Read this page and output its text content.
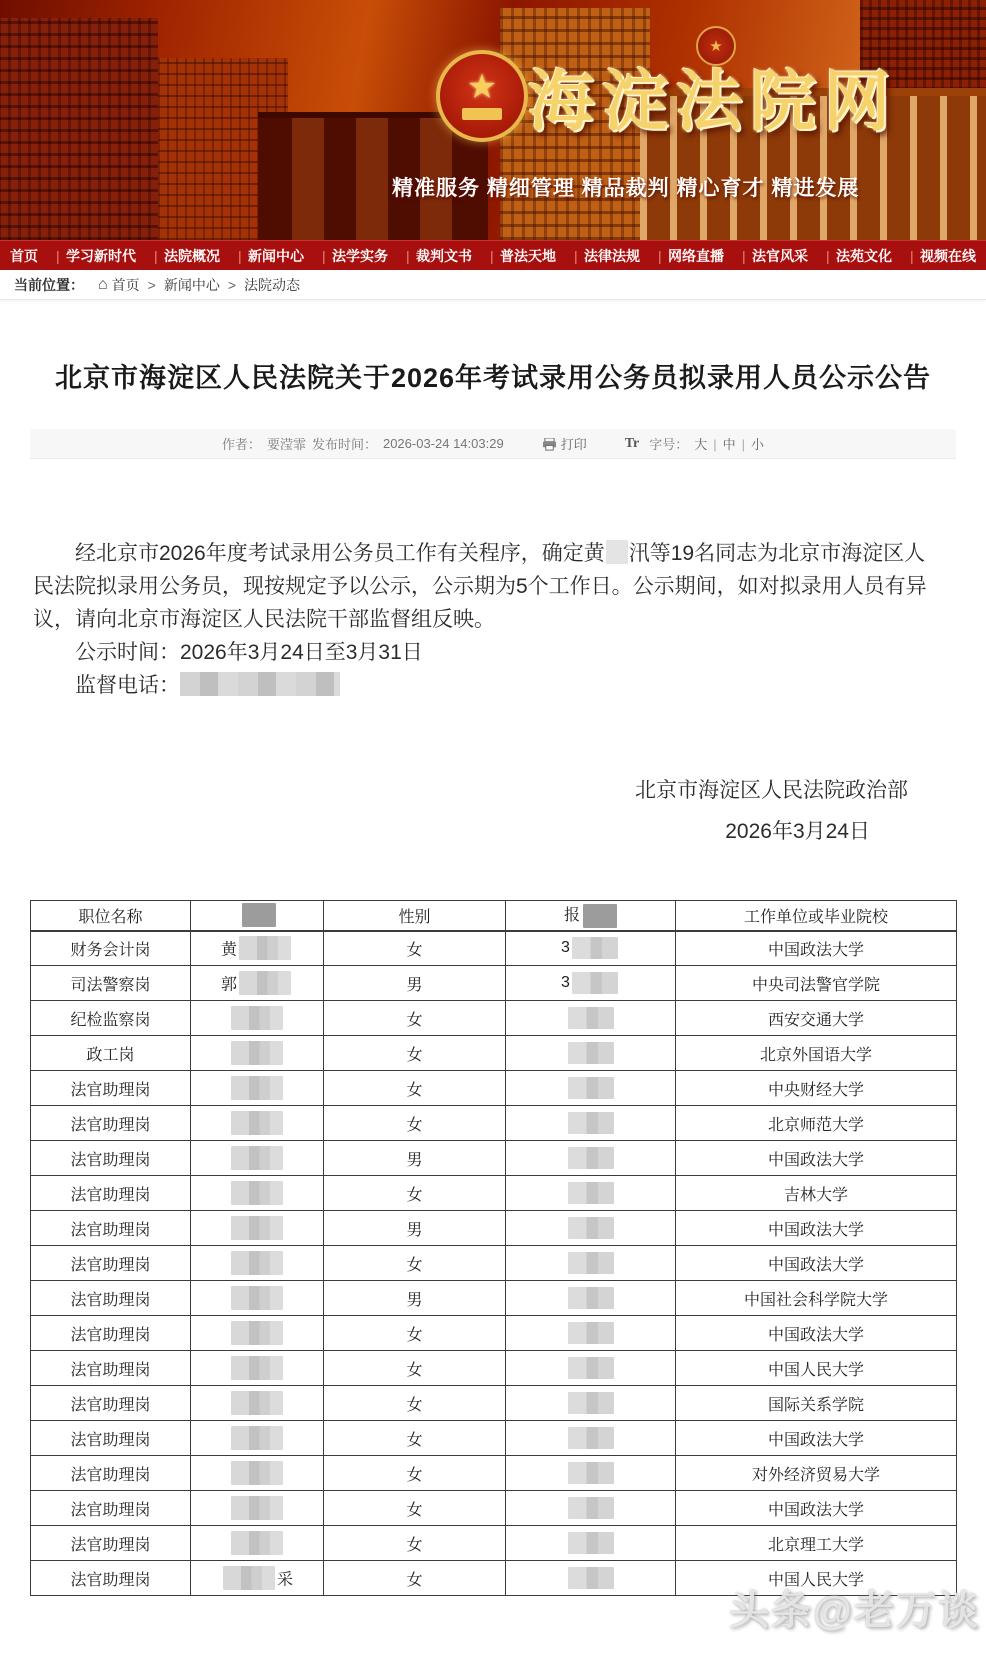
★
★
海淀法院网
精准服务 精细管理 精品裁判 精心育才 精进发展
首页
| 学习新时代
| 法院概况
| 新闻中心
| 法学实务
| 裁判文书
| 普法天地
| 法律法规
| 网络直播
| 法官风采
| 法苑文化
| 视频在线
当前位置： ⌂ 首页 > 新闻中心 > 法院动态
北京市海淀区人民法院关于2026年考试录用公务员拟录用人员公示公告
作者： 要滢霏 发布时间： 2026-03-24 14:03:29	打印	Tr 字号： 大 |	中 |	小

经北京市2026年度考试录用公务员工作有关程序，确定黄 汛等19名同志为北京市海淀区人民法院拟录用公务员，现按规定予以公示，公示期为5个工作日。公示期间，如对拟录用人员有异议，请向北京市海淀区人民法院干部监督组反映。

公示时间：2026年3月24日至3月31日

监督电话：

北京市海淀区人民法院政治部

2026年3月24日

职位名称		性别	报	工作单位或毕业院校
财务会计岗	黄	女	3	中国政法大学
司法警察岗	郭	男	3	中央司法警官学院
纪检监察岗		女		西安交通大学
政工岗		女		北京外国语大学
法官助理岗		女		中央财经大学
法官助理岗		女		北京师范大学
法官助理岗		男		中国政法大学
法官助理岗		女		吉林大学
法官助理岗		男		中国政法大学
法官助理岗		女		中国政法大学
法官助理岗		男		中国社会科学院大学
法官助理岗		女		中国政法大学
法官助理岗		女		中国人民大学
法官助理岗		女		国际关系学院
法官助理岗		女		中国政法大学
法官助理岗		女		对外经济贸易大学
法官助理岗		女		中国政法大学
法官助理岗		女		北京理工大学
法官助理岗	采	女		中国人民大学
头条@老万谈
